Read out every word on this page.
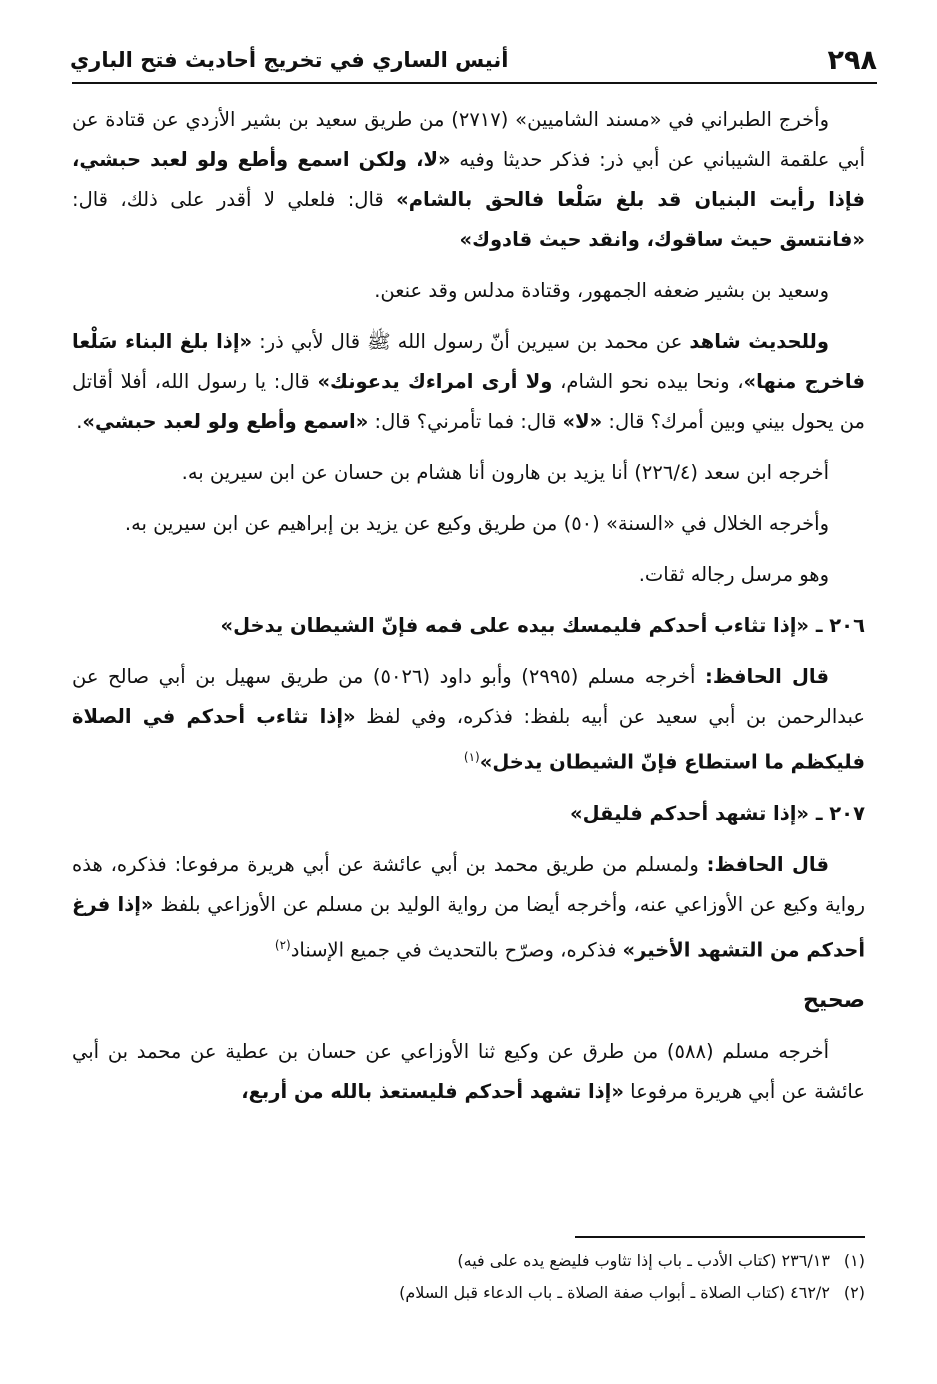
٢٩٨
أنيس الساري في تخريج أحاديث فتح الباري

وأخرج الطبراني في «مسند الشاميين» (٢٧١٧) من طريق سعيد بن بشير الأزدي عن قتادة عن أبي علقمة الشيباني عن أبي ذر: فذكر حديثا وفيه «لا، ولكن اسمع وأطع ولو لعبد حبشي، فإذا رأيت البنيان قد بلغ سَلْعا فالحق بالشام» قال: فلعلي لا أقدر على ذلك، قال: «فانتسق حيث ساقوك، وانقد حيث قادوك»

وسعيد بن بشير ضعفه الجمهور، وقتادة مدلس وقد عنعن.

وللحديث شاهد عن محمد بن سيرين أنّ رسول الله ﷺ قال لأبي ذر: «إذا بلغ البناء سَلْعا فاخرج منها»، ونحا بيده نحو الشام، ولا أرى امراءك يدعونك» قال: يا رسول الله، أفلا أقاتل من يحول بيني وبين أمرك؟ قال: «لا» قال: فما تأمرني؟ قال: «اسمع وأطع ولو لعبد حبشي».

أخرجه ابن سعد (٢٢٦/٤) أنا يزيد بن هارون أنا هشام بن حسان عن ابن سيرين به.

وأخرجه الخلال في «السنة» (٥٠) من طريق وكيع عن يزيد بن إبراهيم عن ابن سيرين به.

وهو مرسل رجاله ثقات.

٢٠٦ ـ «إذا تثاءب أحدكم فليمسك بيده على فمه فإنّ الشيطان يدخل»

قال الحافظ: أخرجه مسلم (٢٩٩٥) وأبو داود (٥٠٢٦) من طريق سهيل بن أبي صالح عن عبدالرحمن بن أبي سعيد عن أبيه بلفظ: فذكره، وفي لفظ «إذا تثاءب أحدكم في الصلاة فليكظم ما استطاع فإنّ الشيطان يدخل»$^{(١)}$

٢٠٧ ـ «إذا تشهد أحدكم فليقل»

قال الحافظ: ولمسلم من طريق محمد بن أبي عائشة عن أبي هريرة مرفوعا: فذكره، هذه رواية وكيع عن الأوزاعي عنه، وأخرجه أيضا من رواية الوليد بن مسلم عن الأوزاعي بلفظ «إذا فرغ أحدكم من التشهد الأخير» فذكره، وصرّح بالتحديث في جميع الإسناد$^{(٢)}$

صحيح

أخرجه مسلم (٥٨٨) من طرق عن وكيع ثنا الأوزاعي عن حسان بن عطية عن محمد بن أبي عائشة عن أبي هريرة مرفوعا «إذا تشهد أحدكم فليستعذ بالله من أربع،

(١)٢٣٦/١٣ (كتاب الأدب ـ باب إذا تثاوب فليضع يده على فيه)
(٢)٤٦٢/٢ (كتاب الصلاة ـ أبواب صفة الصلاة ـ باب الدعاء قبل السلام)
